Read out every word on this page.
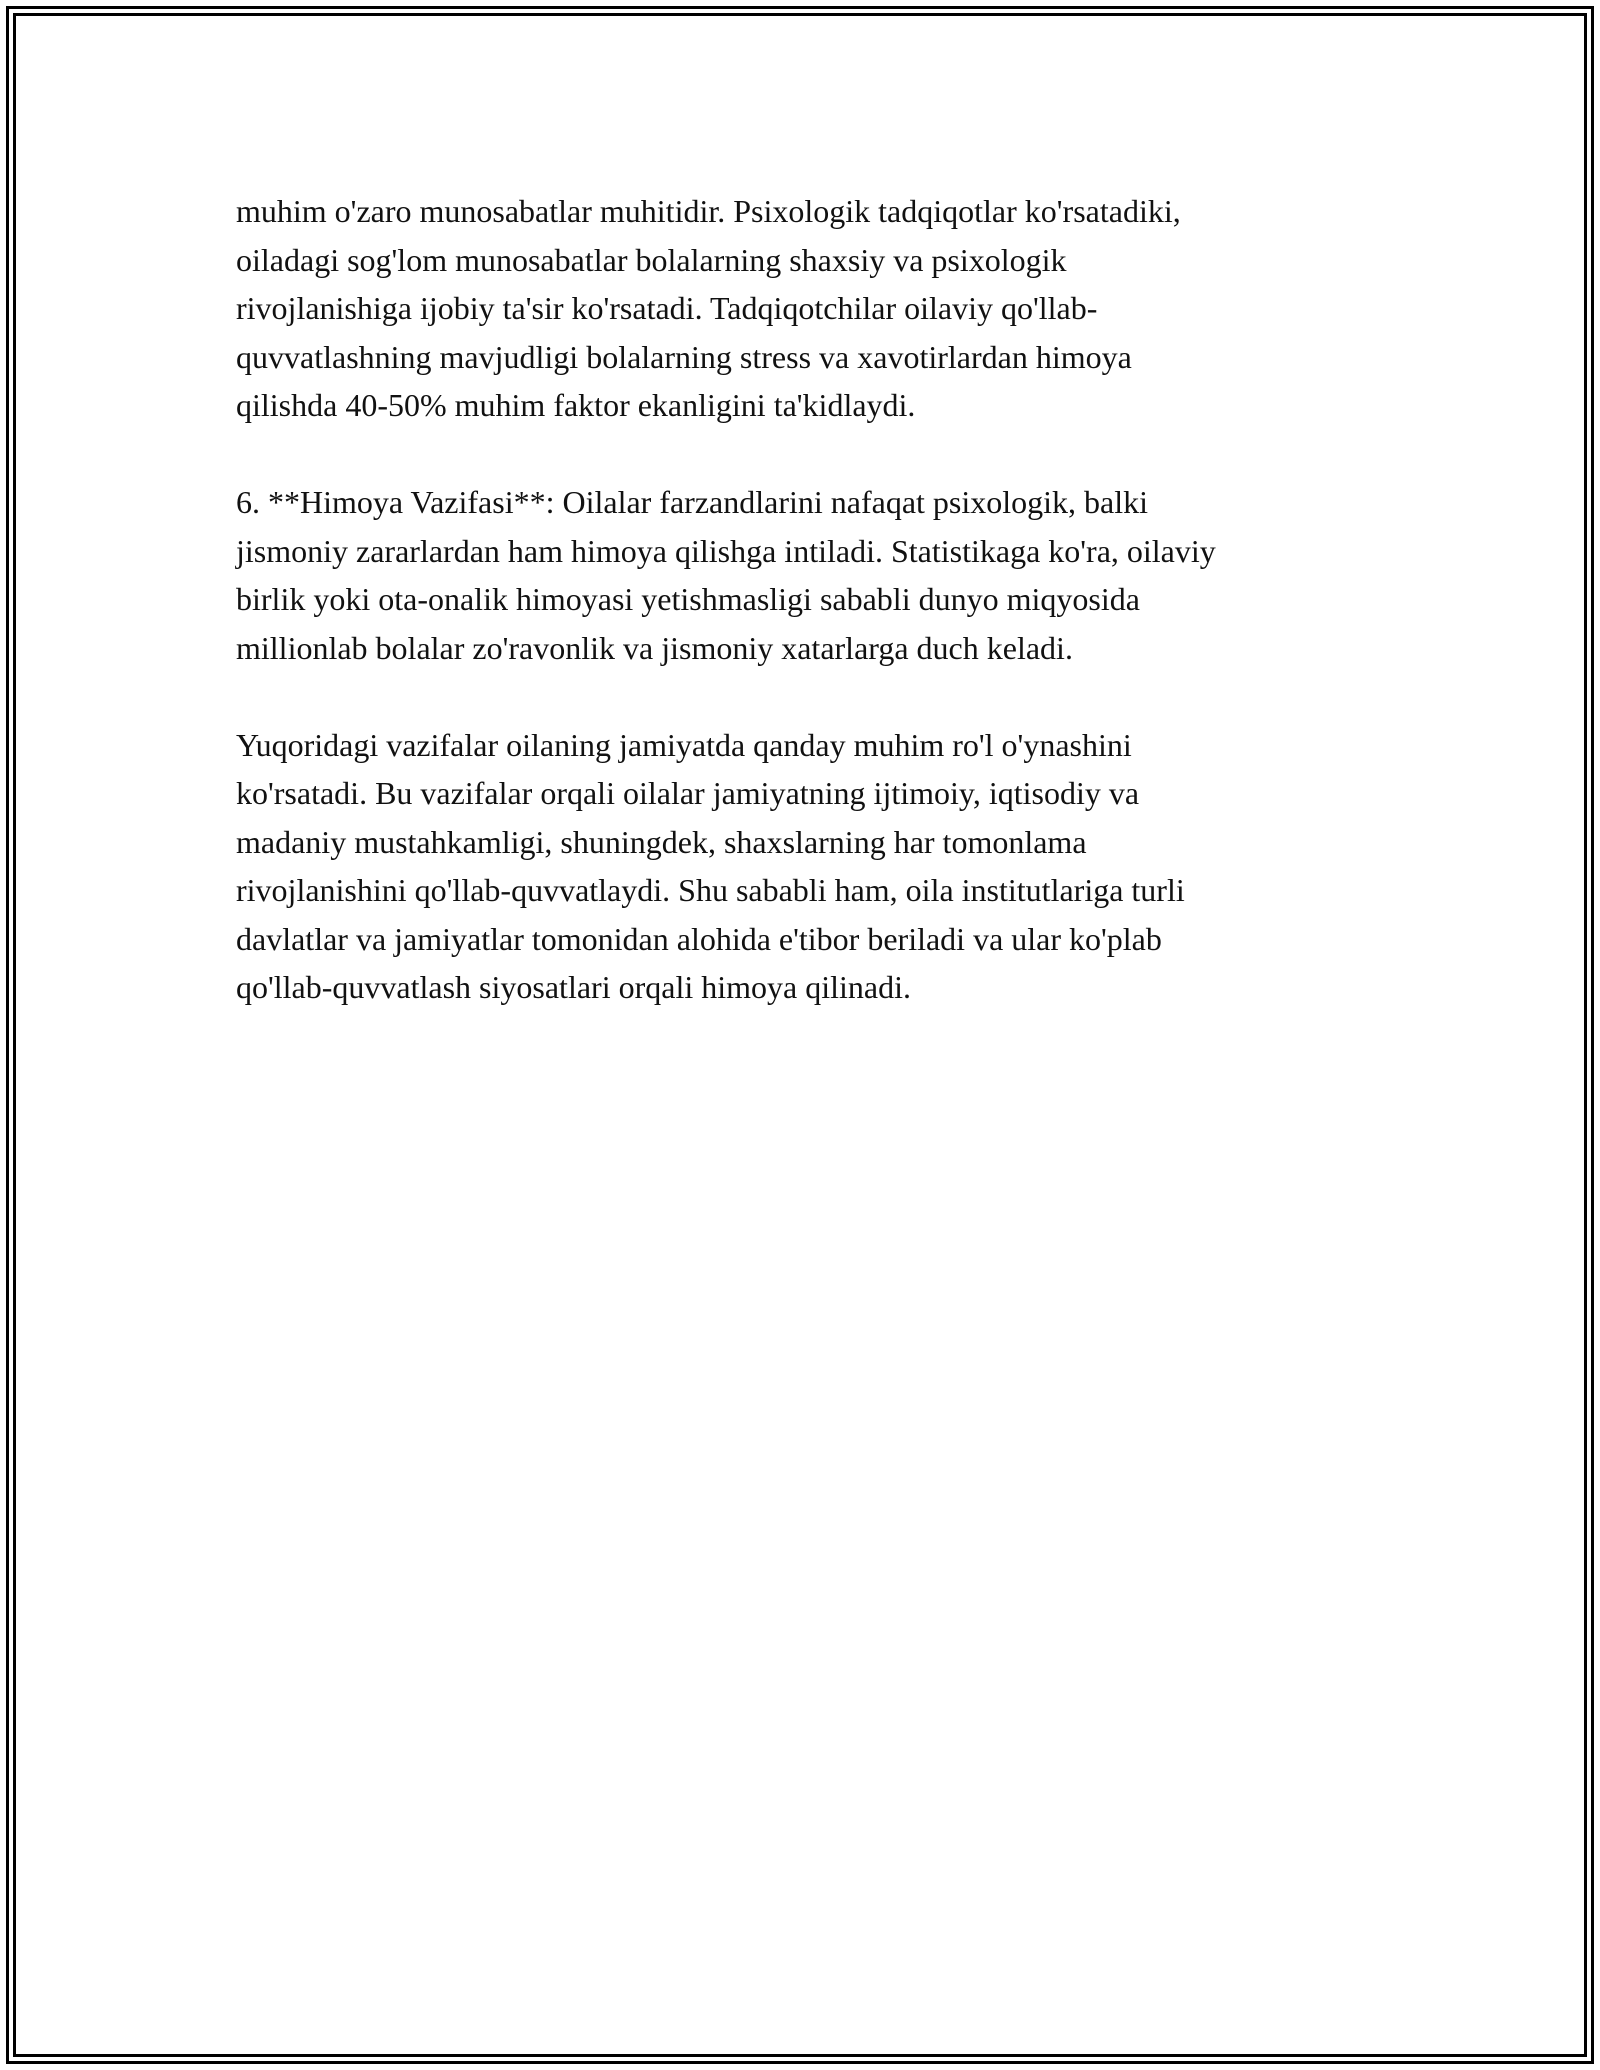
muhim o'zaro munosabatlar muhitidir. Psixologik tadqiqotlar ko'rsatadiki,
oiladagi sog'lom munosabatlar bolalarning shaxsiy va psixologik
rivojlanishiga ijobiy ta'sir ko'rsatadi. Tadqiqotchilar oilaviy qo'llab-
quvvatlashning mavjudligi bolalarning stress va xavotirlardan himoya
qilishda 40-50% muhim faktor ekanligini ta'kidlaydi.

6. **Himoya Vazifasi**: Oilalar farzandlarini nafaqat psixologik, balki
jismoniy zararlardan ham himoya qilishga intiladi. Statistikaga ko'ra, oilaviy
birlik yoki ota-onalik himoyasi yetishmasligi sababli dunyo miqyosida
millionlab bolalar zo'ravonlik va jismoniy xatarlarga duch keladi.

Yuqoridagi vazifalar oilaning jamiyatda qanday muhim ro'l o'ynashini
ko'rsatadi. Bu vazifalar orqali oilalar jamiyatning ijtimoiy, iqtisodiy va
madaniy mustahkamligi, shuningdek, shaxslarning har tomonlama
rivojlanishini qo'llab-quvvatlaydi. Shu sababli ham, oila institutlariga turli
davlatlar va jamiyatlar tomonidan alohida e'tibor beriladi va ular ko'plab
qo'llab-quvvatlash siyosatlari orqali himoya qilinadi.
